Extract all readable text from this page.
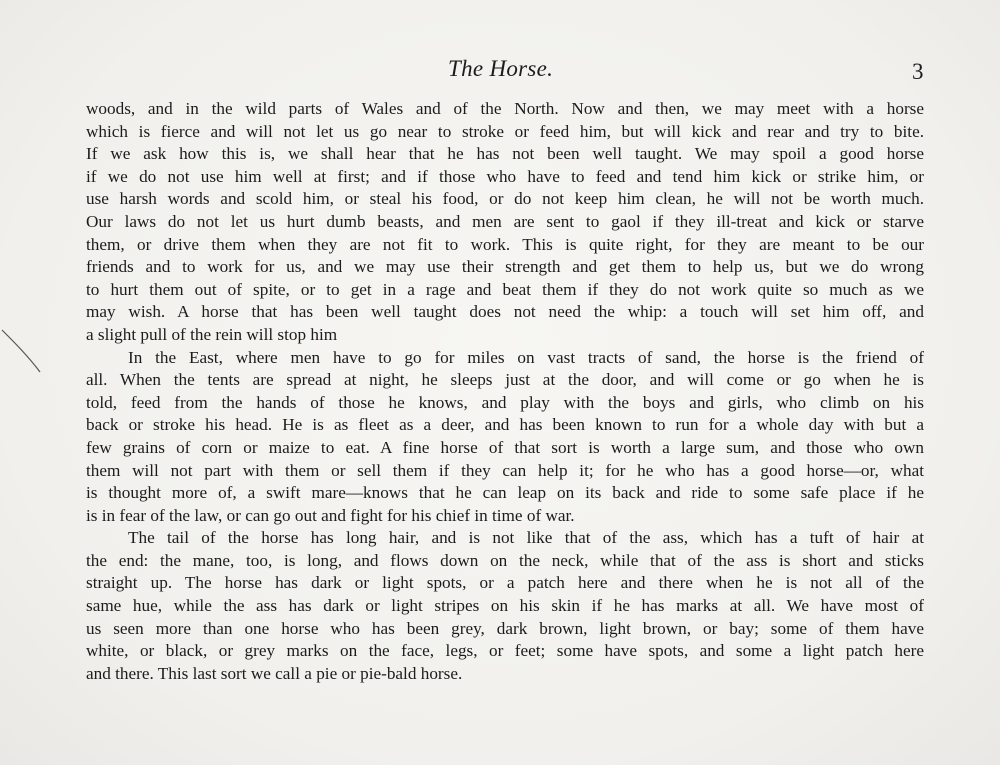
The Horse.	3

woods, and in the wild parts of Wales and of the North. Now and then, we may meet with a horse
which is fierce and will not let us go near to stroke or feed him, but will kick and rear and try to bite.
If we ask how this is, we shall hear that he has not been well taught. We may spoil a good horse
if we do not use him well at first; and if those who have to feed and tend him kick or strike him, or
use harsh words and scold him, or steal his food, or do not keep him clean, he will not be worth much.
Our laws do not let us hurt dumb beasts, and men are sent to gaol if they ill-treat and kick or starve
them, or drive them when they are not fit to work. This is quite right, for they are meant to be our
friends and to work for us, and we may use their strength and get them to help us, but we do wrong
to hurt them out of spite, or to get in a rage and beat them if they do not work quite so much as we
may wish. A horse that has been well taught does not need the whip: a touch will set him off, and
a slight pull of the rein will stop him

In the East, where men have to go for miles on vast tracts of sand, the horse is the friend of
all. When the tents are spread at night, he sleeps just at the door, and will come or go when he is
told, feed from the hands of those he knows, and play with the boys and girls, who climb on his
back or stroke his head. He is as fleet as a deer, and has been known to run for a whole day with but a
few grains of corn or maize to eat. A fine horse of that sort is worth a large sum, and those who own
them will not part with them or sell them if they can help it; for he who has a good horse—or, what
is thought more of, a swift mare—knows that he can leap on its back and ride to some safe place if he
is in fear of the law, or can go out and fight for his chief in time of war.

The tail of the horse has long hair, and is not like that of the ass, which has a tuft of hair at
the end: the mane, too, is long, and flows down on the neck, while that of the ass is short and sticks
straight up. The horse has dark or light spots, or a patch here and there when he is not all of the
same hue, while the ass has dark or light stripes on his skin if he has marks at all. We have most of
us seen more than one horse who has been grey, dark brown, light brown, or bay; some of them have
white, or black, or grey marks on the face, legs, or feet; some have spots, and some a light patch here
and there. This last sort we call a pie or pie-bald horse.
